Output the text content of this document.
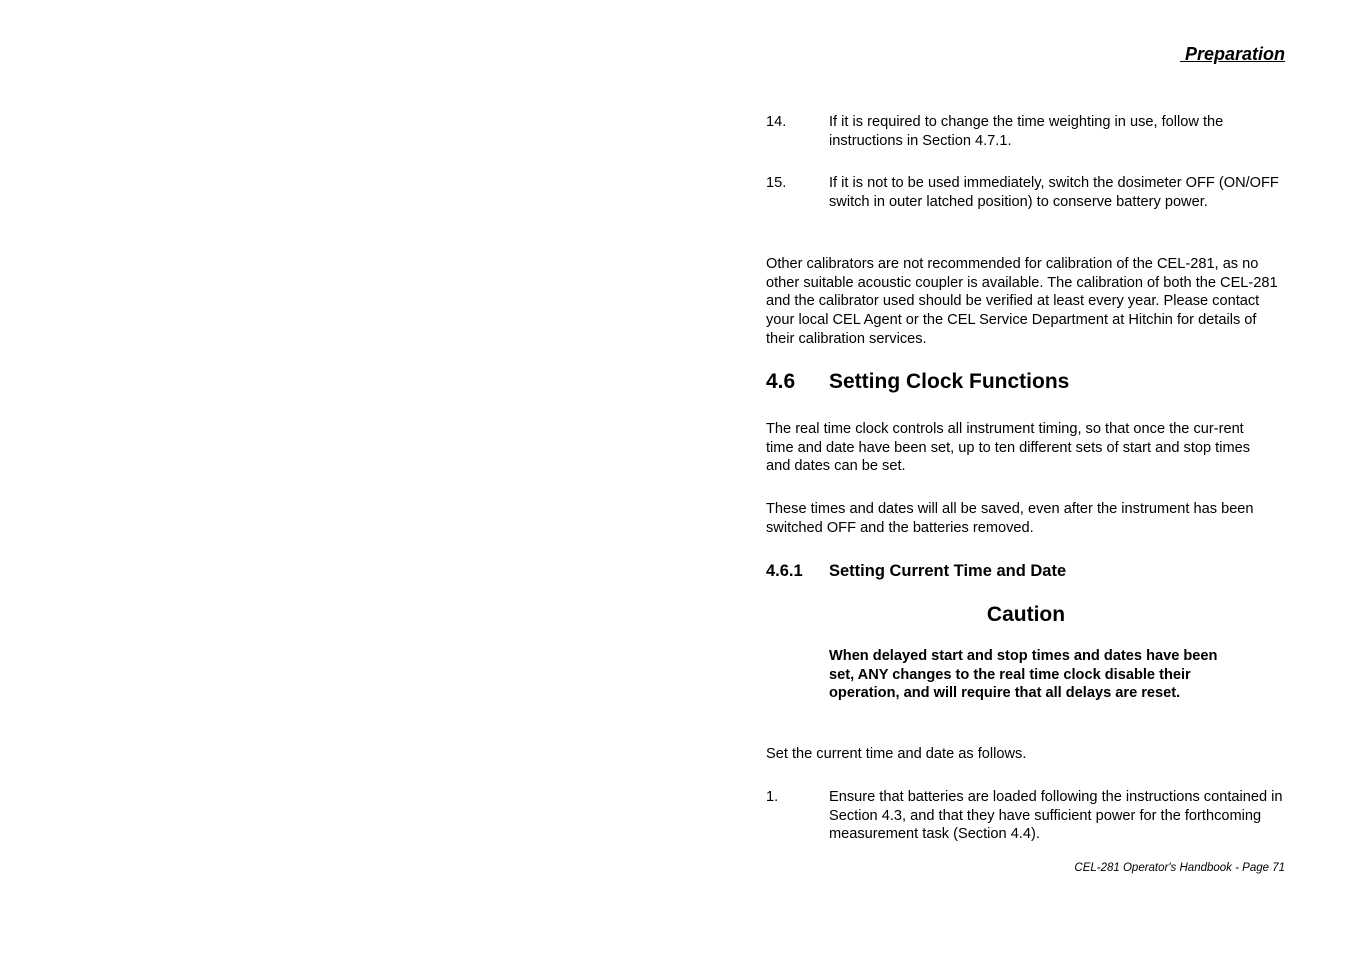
Preparation
14.	If it is required to change the time weighting in use, follow the instructions in Section 4.7.1.
15.	If it is not to be used immediately, switch the dosimeter OFF (ON/OFF switch in outer latched position) to conserve battery power.

Other calibrators are not recommended for calibration of the CEL-281, as no other suitable acoustic coupler is available. The calibration of both the CEL-281 and the calibrator used should be verified at least every year. Please contact your local CEL Agent or the CEL Service Department at Hitchin for details of their calibration services.

4.6 Setting Clock Functions

The real time clock controls all instrument timing, so that once the cur-rent time and date have been set, up to ten different sets of start and stop times and dates can be set.

These times and dates will all be saved, even after the instrument has been switched OFF and the batteries removed.

4.6.1 Setting Current Time and Date
Caution

When delayed start and stop times and dates have been set, ANY changes to the real time clock disable their operation, and will require that all delays are reset.

Set the current time and date as follows.

1.	Ensure that batteries are loaded following the instructions contained in Section 4.3, and that they have sufficient power for the forthcoming measurement task (Section 4.4).
CEL-281 Operator's Handbook - Page 71
